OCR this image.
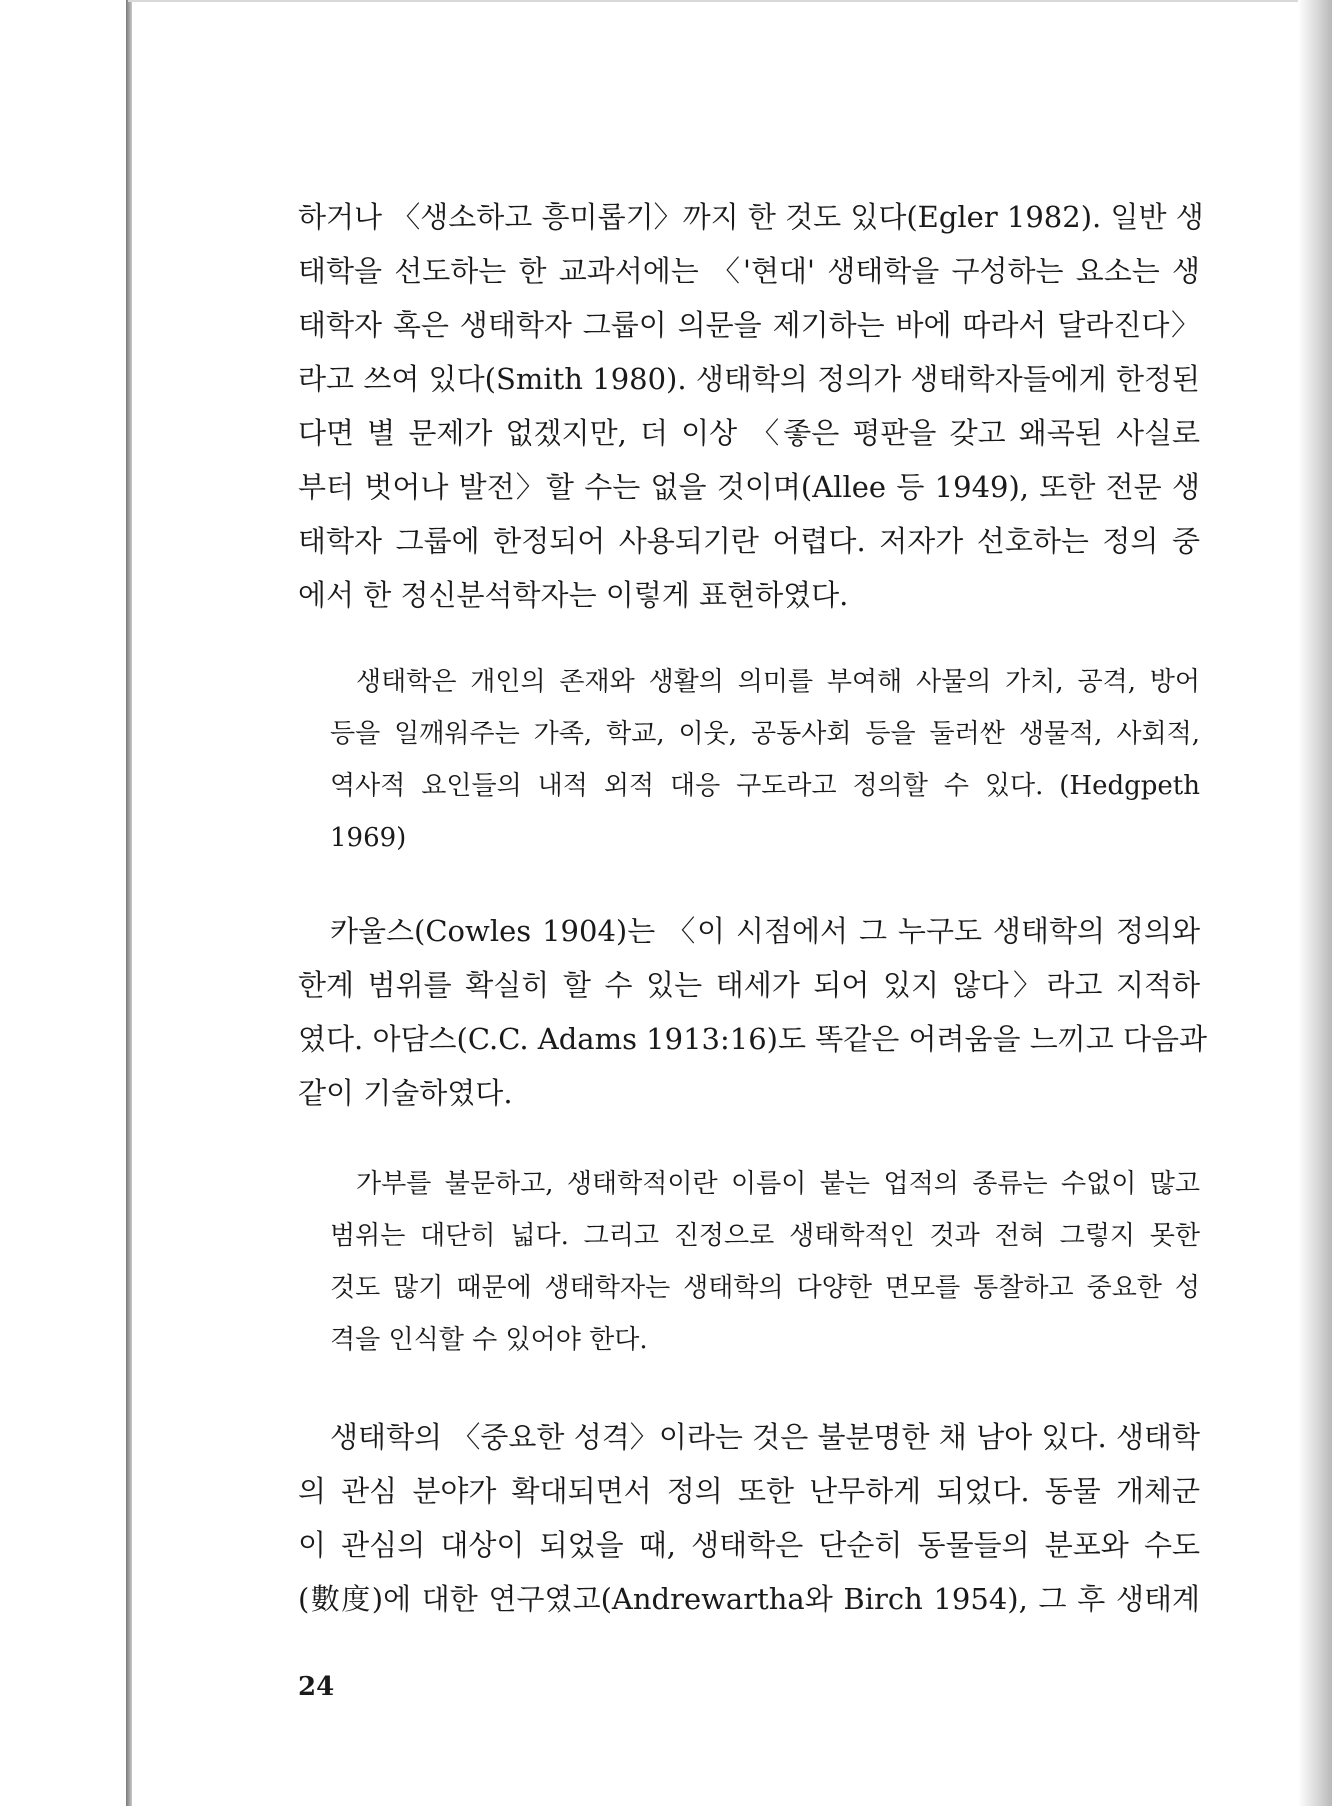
하거나 〈생소하고 흥미롭기〉까지 한 것도 있다(Egler 1982). 일반 생
태학을 선도하는 한 교과서에는 〈'현대' 생태학을 구성하는 요소는 생
태학자 혹은 생태학자 그룹이 의문을 제기하는 바에 따라서 달라진다〉
라고 쓰여 있다(Smith 1980). 생태학의 정의가 생태학자들에게 한정된
다면 별 문제가 없겠지만, 더 이상 〈좋은 평판을 갖고 왜곡된 사실로
부터 벗어나 발전〉할 수는 없을 것이며(Allee 등 1949), 또한 전문 생
태학자 그룹에 한정되어 사용되기란 어렵다. 저자가 선호하는 정의 중
에서 한 정신분석학자는 이렇게 표현하였다.
생태학은 개인의 존재와 생활의 의미를 부여해 사물의 가치, 공격, 방어
등을 일깨워주는 가족, 학교, 이웃, 공동사회 등을 둘러싼 생물적, 사회적,
역사적 요인들의 내적 외적 대응 구도라고 정의할 수 있다. (Hedgpeth
1969)
카울스(Cowles 1904)는 〈이 시점에서 그 누구도 생태학의 정의와
한계 범위를 확실히 할 수 있는 태세가 되어 있지 않다〉라고 지적하
였다. 아담스(C.C. Adams 1913:16)도 똑같은 어려움을 느끼고 다음과
같이 기술하였다.
가부를 불문하고, 생태학적이란 이름이 붙는 업적의 종류는 수없이 많고
범위는 대단히 넓다. 그리고 진정으로 생태학적인 것과 전혀 그렇지 못한
것도 많기 때문에 생태학자는 생태학의 다양한 면모를 통찰하고 중요한 성
격을 인식할 수 있어야 한다.
생태학의 〈중요한 성격〉이라는 것은 불분명한 채 남아 있다. 생태학
의 관심 분야가 확대되면서 정의 또한 난무하게 되었다. 동물 개체군
이 관심의 대상이 되었을 때, 생태학은 단순히 동물들의 분포와 수도
(數度)에 대한 연구였고(Andrewartha와 Birch 1954), 그 후 생태계

24
